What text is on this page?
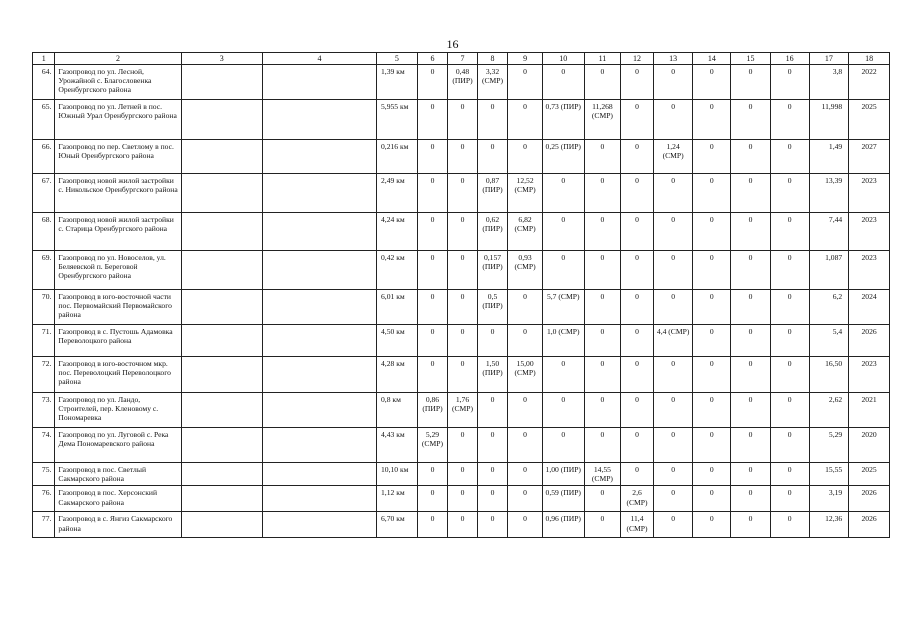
16
1	2	3	4	5	6	7	8	9	10	11	12	13	14	15	16	17	18
64.	Газопровод по ул. Лесной, Урожайной с. Благословенка Оренбургского района			1,39 км	0	0,48 (ПИР)	3,32 (СМР)	0	0	0	0	0	0	0	0	3,8	2022
65.	Газопровод по ул. Летней в пос. Южный Урал Оренбургского района			5,955 км	0	0	0	0	0,73 (ПИР)	11,268 (СМР)	0	0	0	0	0	11,998	2025
66.	Газопровод по пер. Светлому в пос. Юный Оренбургского района			0,216 км	0	0	0	0	0,25 (ПИР)	0	0	1,24 (СМР)	0	0	0	1,49	2027
67.	Газопровод новой жилой застройки с. Никольское Оренбургского района			2,49 км	0	0	0,87 (ПИР)	12,52 (СМР)	0	0	0	0	0	0	0	13,39	2023
68.	Газопровод новой жилой застройки с. Старица Оренбургского района			4,24 км	0	0	0,62 (ПИР)	6,82 (СМР)	0	0	0	0	0	0	0	7,44	2023
69.	Газопровод по ул. Новоселов, ул. Беляевской п. Береговой Оренбургского района			0,42 км	0	0	0,157 (ПИР)	0,93 (СМР)	0	0	0	0	0	0	0	1,087	2023
70.	Газопровод в юго-восточной части пос. Первомайский Первомайского района			6,01 км	0	0	0,5 (ПИР)	0	5,7 (СМР)	0	0	0	0	0	0	6,2	2024
71.	Газопровод в с. Пустошь Адамовка Переволоцкого района			4,50 км	0	0	0	0	1,0 (СМР)	0	0	4,4 (СМР)	0	0	0	5,4	2026
72.	Газопровод в юго-восточном мкр. пос. Переволоцкий Переволоцкого района			4,28 км	0	0	1,50 (ПИР)	15,00 (СМР)	0	0	0	0	0	0	0	16,50	2023
73.	Газопровод по ул. Ландо, Строителей, пер. Кленовому с. Пономаревка			0,8 км	0,86 (ПИР)	1,76 (СМР)	0	0	0	0	0	0	0	0	0	2,62	2021
74.	Газопровод по ул. Луговой с. Река Дема Пономаревского района			4,43 км	5,29 (СМР)	0	0	0	0	0	0	0	0	0	0	5,29	2020
75.	Газопровод в пос. Светлый Сакмарского района			10,10 км	0	0	0	0	1,00 (ПИР)	14,55 (СМР)	0	0	0	0	0	15,55	2025
76.	Газопровод в пос. Херсонский Сакмарского района			1,12 км	0	0	0	0	0,59 (ПИР)	0	2,6 (СМР)	0	0	0	0	3,19	2026
77.	Газопровод в с. Янгиз Сакмарского района			6,70 км	0	0	0	0	0,96 (ПИР)	0	11,4 (СМР)	0	0	0	0	12,36	2026
